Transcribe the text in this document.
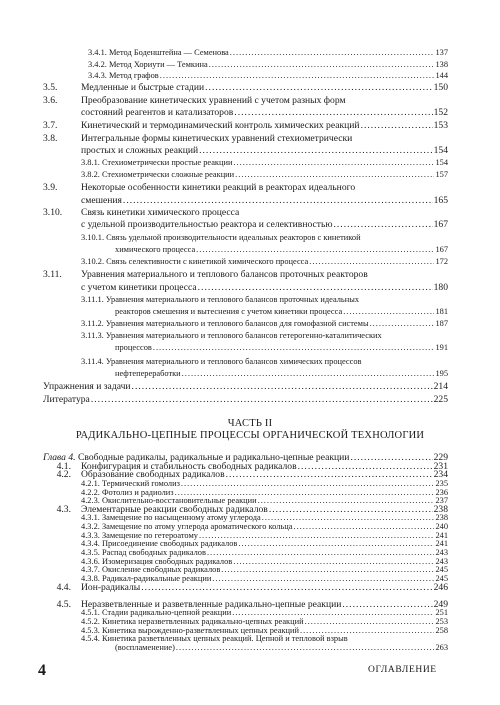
3.4.1. Метод Боденштейна — Семенова .....	137
3.4.2. Метод Хориути — Темкина .....	138
3.4.3. Метод графов .....	144
3.5.	Медленные и быстрые стадии .....	150
3.6.	Преобразование кинетических уравнений с учетом разных форм
состояний реагентов и катализаторов .....	152
3.7.	Кинетический и термодинамический контроль химических реакций .....	153
3.8.	Интегральные формы кинетических уравнений стехиометрически
простых и сложных реакций .....	154
3.8.1. Стехиометрически простые реакции .....	154
3.8.2. Стехиометрически сложные реакции .....	157
3.9.	Некоторые особенности кинетики реакций в реакторах идеального
смешения .....	165
3.10.	Связь кинетики химического процесса
с удельной производительностью реактора и селективностью .....	167
3.10.1. Связь удельной производительности идеальных реакторов с кинетикой
химического процесса .....	167
3.10.2. Связь селективности с кинетикой химического процесса .....	172
3.11.	Уравнения материального и теплового балансов проточных реакторов
с учетом кинетики процесса .....	180
3.11.1. Уравнения материального и теплового балансов проточных идеальных
реакторов смешения и вытеснения с учетом кинетики процесса .....	181
3.11.2. Уравнения материального и теплового балансов для гомофазной системы .....	187
3.11.3. Уравнения материального и теплового балансов гетерогенно-каталитических
процессов .....	191
3.11.4. Уравнения материального и теплового балансов химических процессов
нефтепереработки .....	195
Упражнения и задачи .....	214
Литература .....	225
ЧАСТЬ II
РАДИКАЛЬНО-ЦЕПНЫЕ ПРОЦЕССЫ ОРГАНИЧЕСКОЙ ТЕХНОЛОГИИ
Глава 4. Свободные радикалы, радикальные и радикально-цепные реакции .....	229
4.1.	Конфигурация и стабильность свободных радикалов .....	231
4.2.	Образование свободных радикалов .....	234
4.2.1. Термический гомолиз .....	235
4.2.2. Фотолиз и радиолиз .....	236
4.2.3. Окислительно-восстановительные реакции .....	237
4.3.	Элементарные реакции свободных радикалов .....	238
4.3.1. Замещение по насыщенному атому углерода .....	238
4.3.2. Замещение по атому углерода ароматического кольца .....	240
4.3.3. Замещение по гетероатому .....	241
4.3.4. Присоединение свободных радикалов .....	241
4.3.5. Распад свободных радикалов .....	243
4.3.6. Изомеризация свободных радикалов .....	243
4.3.7. Окисление свободных радикалов .....	245
4.3.8. Радикал-радикальные реакции .....	245
4.4.	Ион-радикалы .....	246
4	ОГЛАВЛЕНИЕ
4.5.	Неразветвленные и разветвленные радикально-цепные реакции .....	249
4.5.1. Стадии радикально-цепной реакции .....	251
4.5.2. Кинетика неразветвленных радикально-цепных реакций .....	253
4.5.3. Кинетика вырожденно-разветвленных цепных реакций .....	258
4.5.4. Кинетика разветвленных цепных реакций. Цепной и тепловой взрыв
(воспламенение) .....	263
